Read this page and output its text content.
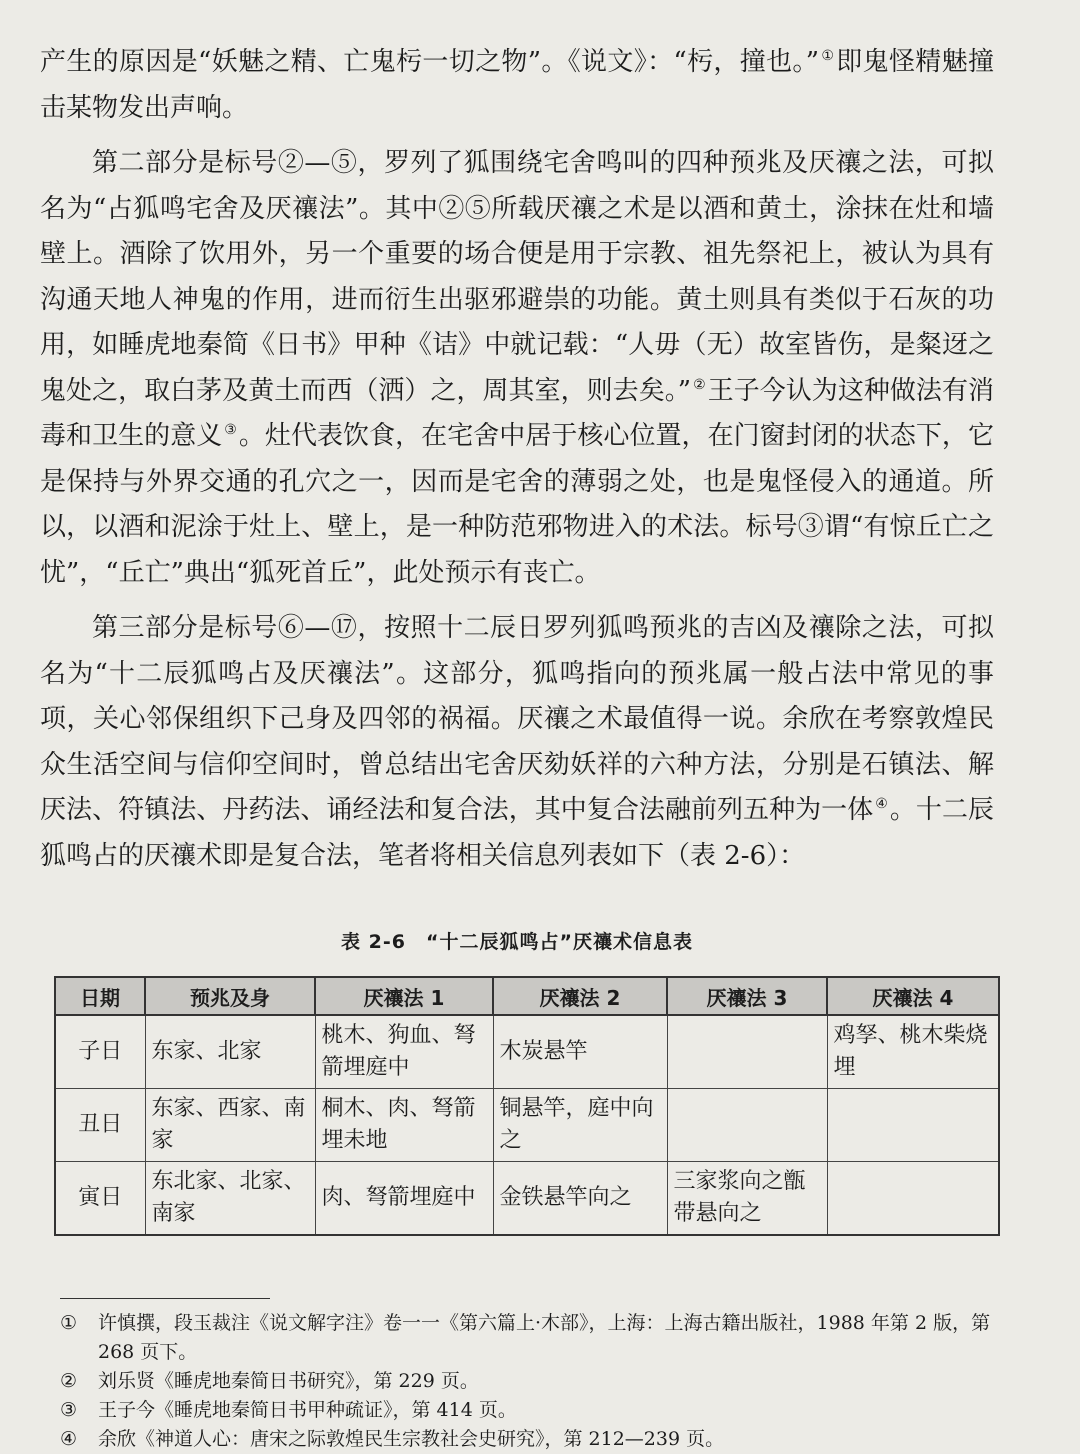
产生的原因是“妖魅之精、亡鬼杇一切之物”。《说文》：“杇，撞也。” ①即鬼怪精魅撞击某物发出声响。

第二部分是标号②—⑤，罗列了狐围绕宅舍鸣叫的四种预兆及厌禳之法，可拟名为“占狐鸣宅舍及厌禳法”。其中②⑤所载厌禳之术是以酒和黄土，涂抹在灶和墙壁上。酒除了饮用外，另一个重要的场合便是用于宗教、祖先祭祀上，被认为具有沟通天地人神鬼的作用，进而衍生出驱邪避祟的功能。黄土则具有类似于石灰的功用，如睡虎地秦简《日书》甲种《诘》中就记载：“人毋（无）故室皆伤，是粲迓之鬼处之，取白茅及黄土而西（洒）之，周其室，则去矣。” ②王子今认为这种做法有消毒和卫生的意义 ③。灶代表饮食，在宅舍中居于核心位置，在门窗封闭的状态下，它是保持与外界交通的孔穴之一，因而是宅舍的薄弱之处，也是鬼怪侵入的通道。所以，以酒和泥涂于灶上、壁上，是一种防范邪物进入的术法。标号③谓“有惊丘亡之忧”，“丘亡”典出“狐死首丘”，此处预示有丧亡。

第三部分是标号⑥—⑰，按照十二辰日罗列狐鸣预兆的吉凶及禳除之法，可拟名为“十二辰狐鸣占及厌禳法”。这部分，狐鸣指向的预兆属一般占法中常见的事项，关心邻保组织下己身及四邻的祸福。厌禳之术最值得一说。余欣在考察敦煌民众生活空间与信仰空间时，曾总结出宅舍厌劾妖祥的六种方法，分别是石镇法、解厌法、符镇法、丹药法、诵经法和复合法，其中复合法融前列五种为一体 ④。十二辰狐鸣占的厌禳术即是复合法，笔者将相关信息列表如下（表 2-6）：

表 2-6　“十二辰狐鸣占”厌禳术信息表
日期	预兆及身	厌禳法 1	厌禳法 2	厌禳法 3	厌禳法 4
子日	东家、北家	桃木、狗血、弩箭埋庭中	木炭悬竿		鸡孥、桃木柴烧埋
丑日	东家、西家、南家	桐木、肉、弩箭埋未地	铜悬竿，庭中向之		
寅日	东北家、北家、南家	肉、弩箭埋庭中	金铁悬竿向之	三家浆向之甑带悬向之	
①	许慎撰，段玉裁注《说文解字注》卷一一《第六篇上·木部》，上海：上海古籍出版社，1988 年第 2 版，第 268 页下。
②	刘乐贤《睡虎地秦简日书研究》，第 229 页。
③	王子今《睡虎地秦简日书甲种疏证》，第 414 页。
④	余欣《神道人心：唐宋之际敦煌民生宗教社会史研究》，第 212—239 页。
